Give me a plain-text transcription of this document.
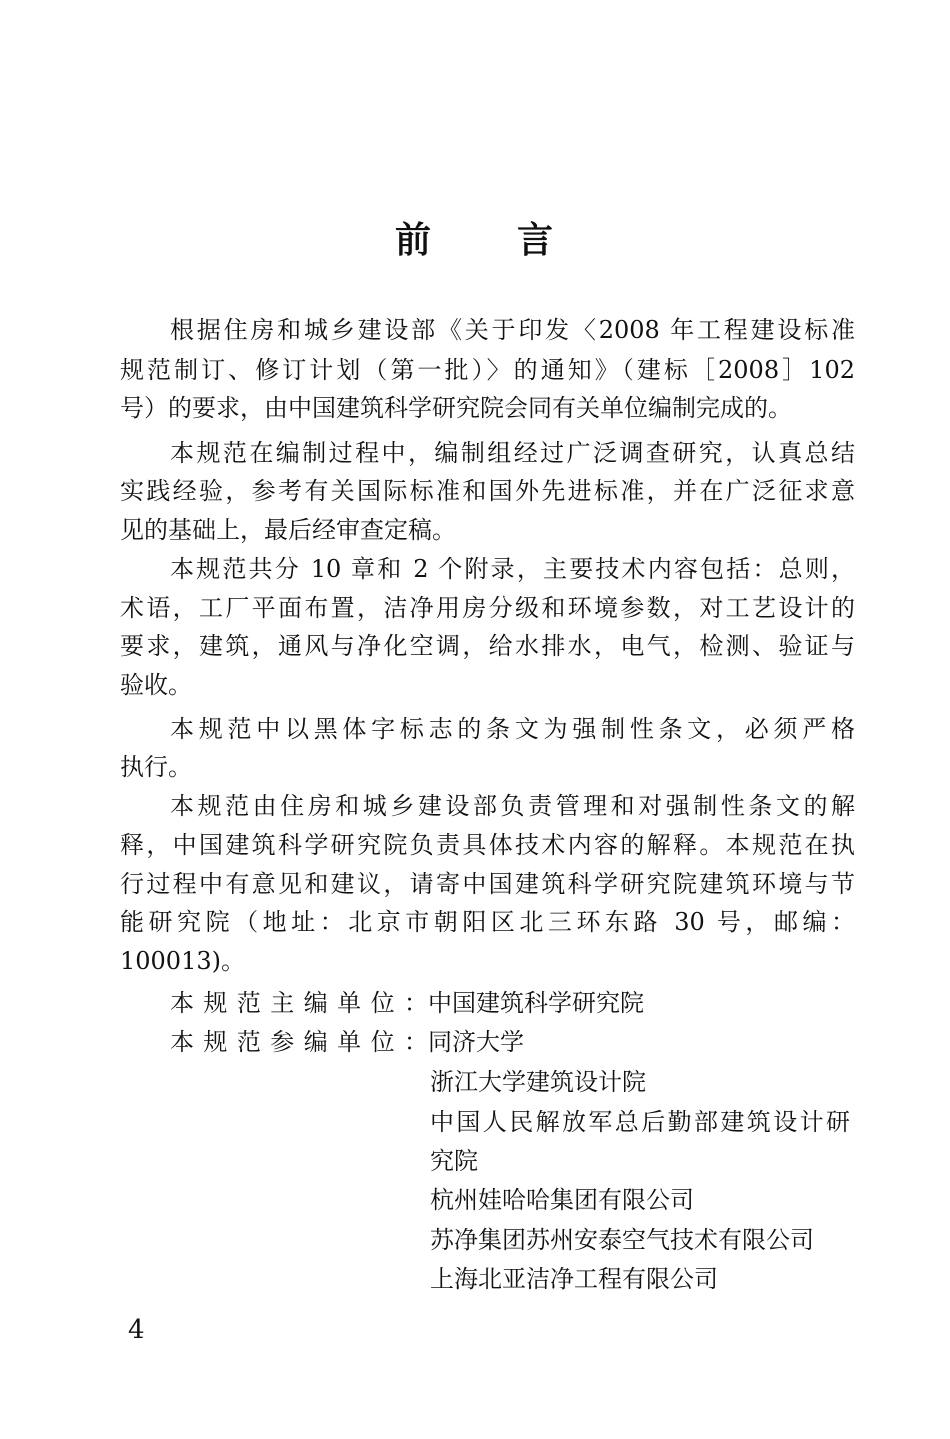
前 言
根据住房和城乡建设部《关于印发〈2008 年工程建设标准
规范制订、修订计划（第一批）〉的通知》（建标［2008］102
号）的要求，由中国建筑科学研究院会同有关单位编制完成的。
本规范在编制过程中，编制组经过广泛调查研究，认真总结
实践经验，参考有关国际标准和国外先进标准，并在广泛征求意
见的基础上，最后经审查定稿。
本规范共分 10 章和 2 个附录，主要技术内容包括：总则，
术语，工厂平面布置，洁净用房分级和环境参数，对工艺设计的
要求，建筑，通风与净化空调，给水排水，电气，检测、验证与
验收。
本规范中以黑体字标志的条文为强制性条文，必须严格
执行。
本规范由住房和城乡建设部负责管理和对强制性条文的解
释，中国建筑科学研究院负责具体技术内容的解释。本规范在执
行过程中有意见和建议，请寄中国建筑科学研究院建筑环境与节
能研究院（地址：北京市朝阳区北三环东路 30 号，邮编：
100013)。
本规范主编单位：中国建筑科学研究院
本规范参编单位：同济大学
浙江大学建筑设计院
中国人民解放军总后勤部建筑设计研
究院
杭州娃哈哈集团有限公司
苏净集团苏州安泰空气技术有限公司
上海北亚洁净工程有限公司
4
